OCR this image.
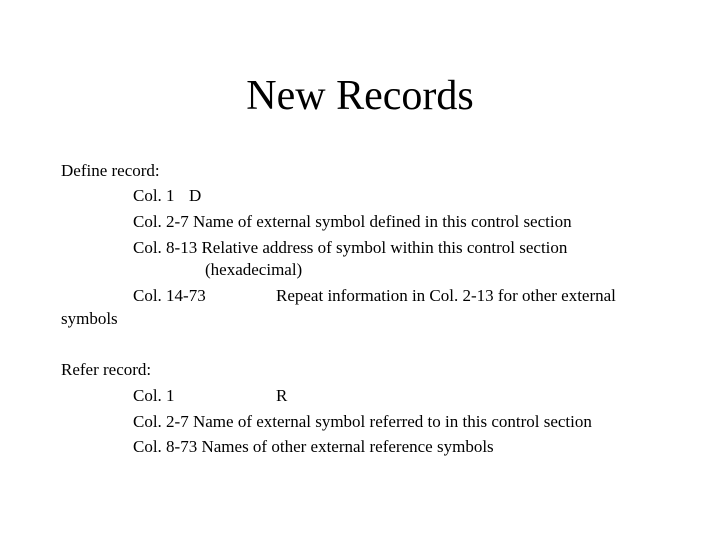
New Records
Define record:
Col. 1 D
Col. 2-7 Name of external symbol defined in this control section
Col. 8-13 Relative address of symbol within this control section
(hexadecimal)
Col. 14-73	Repeat information in Col. 2-13 for other external
symbols
Refer record:
Col. 1	R
Col. 2-7 Name of external symbol referred to in this control section
Col. 8-73 Names of other external reference symbols
